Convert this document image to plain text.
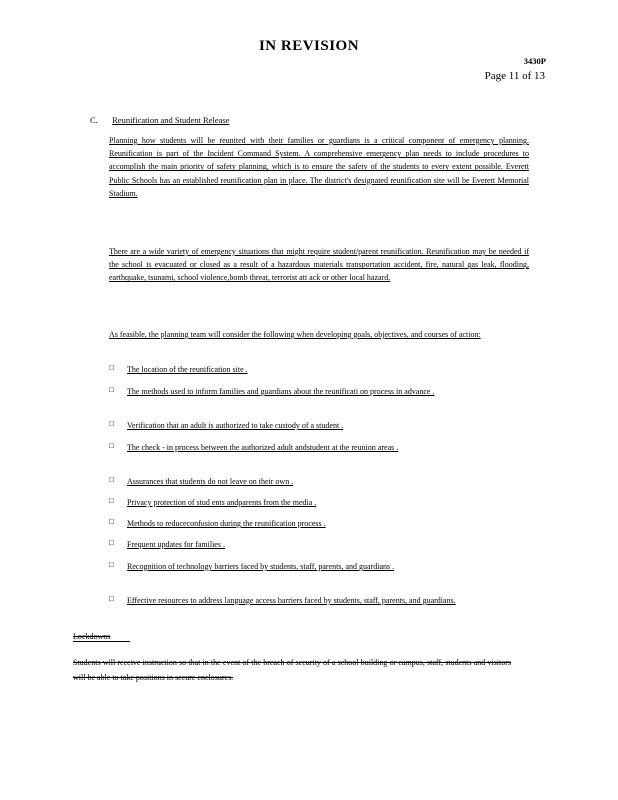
IN REVISION
3430P
Page 11 of 13
C. Reunification and Student Release
Planning how students will be reunited with their families or guardians is a critical component of emergency planning. Reunification is part of the Incident Command System. A comprehensive emergency plan needs to include procedures to accomplish the main priority of safety planning, which is to ensure the safety of the students to every extent possible. Everett Public Schools has an established reunification plan in place. The district's designated reunification site will be Everett Memorial Stadium.
There are a wide variety of emergency situations that might require student/parent reunification. Reunification may be needed if the school is evacuated or closed as a result of a hazardous materials transportation accident, fire, natural gas leak, flooding, earthquake, tsunami, school violence,bomb threat, terrorist att ack or other local hazard.
As feasible, the planning team will consider the following when developing goals, objectives, and courses of action:
□	The location of the reunification site .
□	The methods used to inform families and guardians about the reunificati on process in advance .
□	Verification that an adult is authorized to take custody of a student .
□	The check - in process between the authorized adult andstudent at the reunion areas .
□	Assurances that students do not leave on their own .
□	Privacy protection of stud ents andparents from the media .
□	Methods to reduceconfusion during the reunification process .
□	Frequent updates for families .
□	Recognition of technology barriers faced by students, staff, parents, and guardians .
□	Effective resources to address language access barriers faced by students, staff, parents, and guardians.
Lockdowns
Students will receive instruction so that in the event of the breach of security of a school building or campus, staff, students and visitors will be able to take positions in secure enclosures.
